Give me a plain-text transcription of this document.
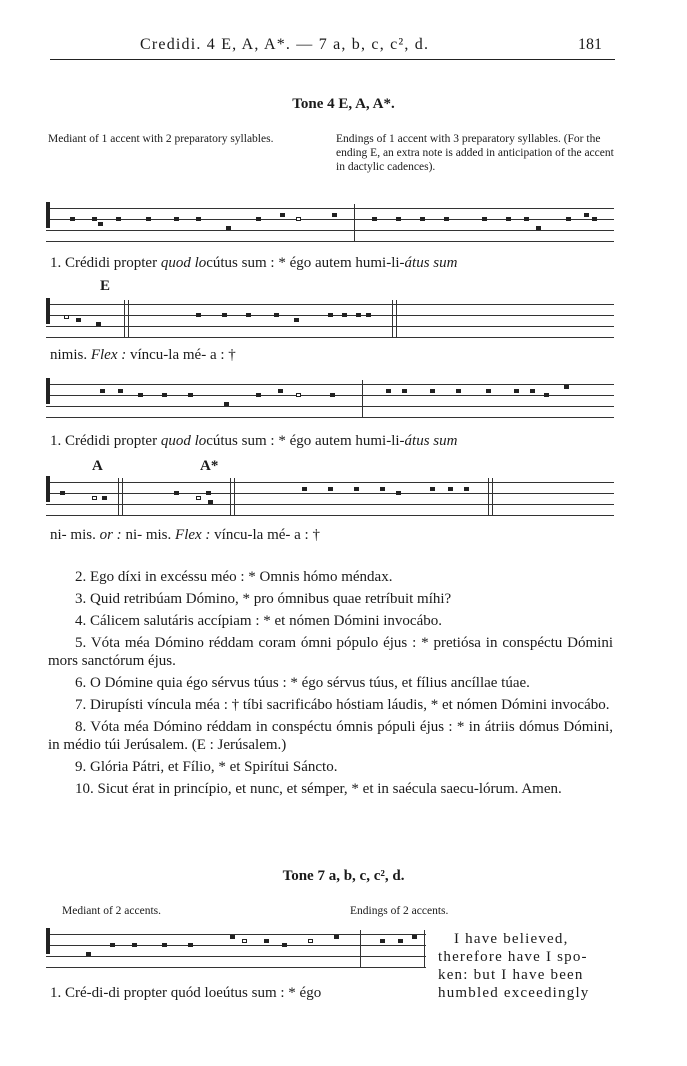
Credidi. 4 E, A, A*. — 7 a, b, c, c², d.	181
Tone 4 E, A, A*.
Mediant of 1 accent with 2 preparatory syllables.	Endings of 1 accent with 3 preparatory syllables. (For the ending E, an extra note is added in anticipation of the accent in dactylic cadences).
1. Crédidi propter quod locútus sum : * égo autem humi-li-átus sum
E
nimis. Flex : víncu-la mé- a : †
1. Crédidi propter quod locútus sum : * égo autem humi-li-átus sum
A	A*
ni- mis. or : ni- mis. Flex : víncu-la mé- a : †

2. Ego díxi in excéssu méo : * Omnis hómo méndax.

3. Quid retribúam Dómino, * pro ómnibus quae retríbuit míhi?

4. Cálicem salutáris accípiam : * et nómen Dómini invocábo.

5. Vóta méa Dómino réddam coram ómni pópulo éjus : * pretiósa in conspéctu Dómini mors sanctórum éjus.

6. O Dómine quia égo sérvus túus : * égo sérvus túus, et fílius ancíllae túae.

7. Dirupísti víncula méa : † tíbi sacrificábo hóstiam láudis, * et nómen Dómini invocábo.

8. Vóta méa Dómino réddam in conspéctu ómnis pópuli éjus : * in átriis dómus Dómini, in médio túi Jerúsalem. (E : Jerúsalem.)

9. Glória Pátri, et Fílio, * et Spirítui Sáncto.

10. Sicut érat in princípio, et nunc, et sémper, * et in saécula saecu-lórum. Amen.

Tone 7 a, b, c, c², d.
Mediant of 2 accents.	Endings of 2 accents.
1. Cré-di-di propter quód loeútus sum : * égo
I have believed,
therefore have I spo-
ken: but I have been
humbled exceedingly
